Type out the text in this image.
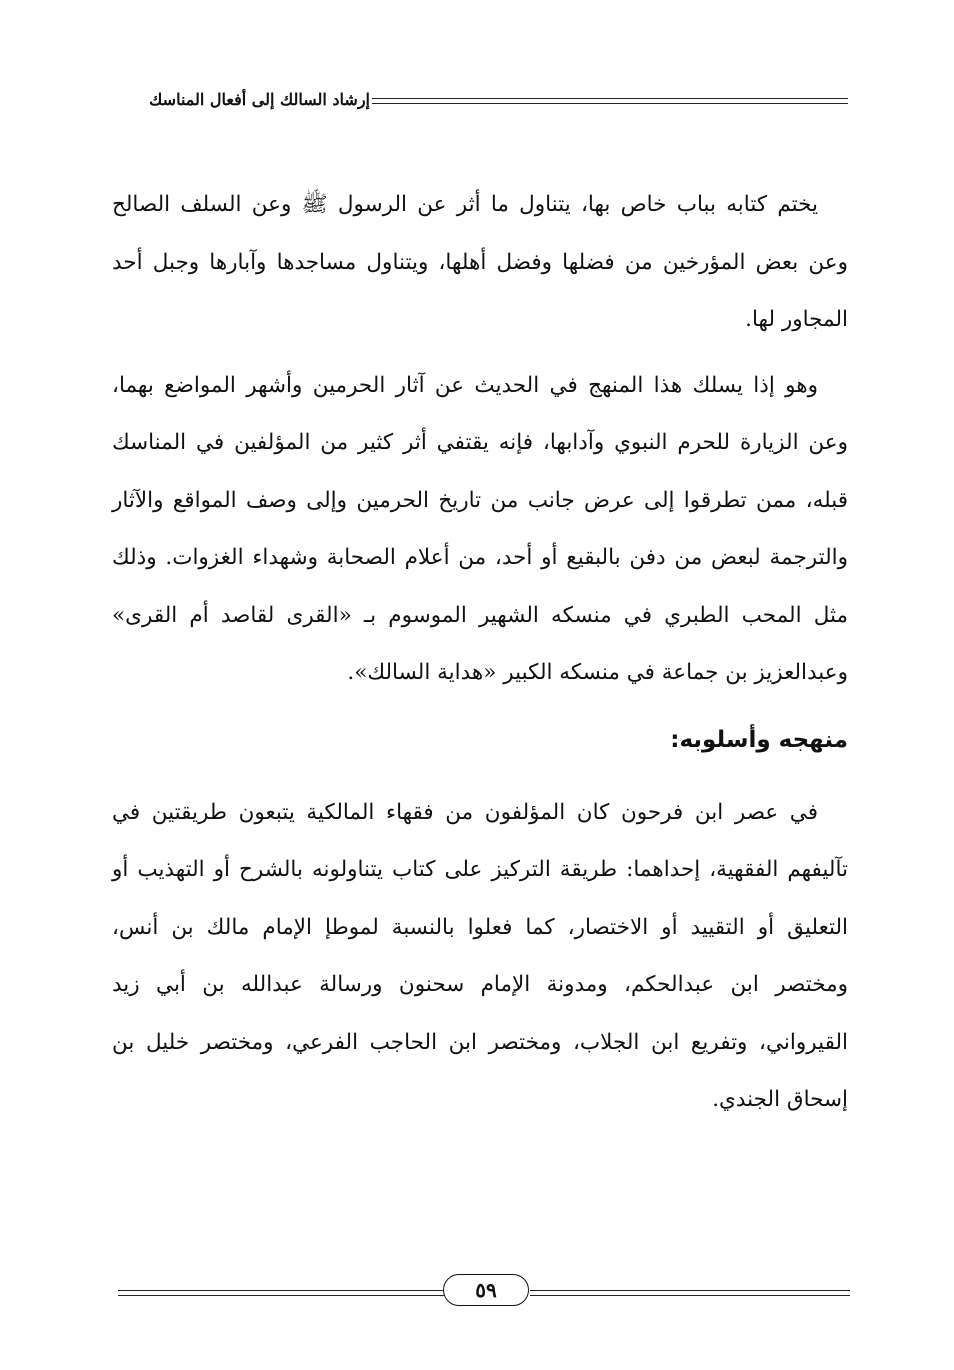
إرشاد السالك إلى أفعال المناسك

يختم كتابه بباب خاص بها، يتناول ما أثر عن الرسول ﷺ وعن السلف الصالح وعن بعض المؤرخين من فضلها وفضل أهلها، ويتناول مساجدها وآبارها وجبل أحد المجاور لها.

وهو إذا يسلك هذا المنهج في الحديث عن آثار الحرمين وأشهر المواضع بهما، وعن الزيارة للحرم النبوي وآدابها، فإنه يقتفي أثر كثير من المؤلفين في المناسك قبله، ممن تطرقوا إلى عرض جانب من تاريخ الحرمين وإلى وصف المواقع والآثار والترجمة لبعض من دفن بالبقيع أو أحد، من أعلام الصحابة وشهداء الغزوات. وذلك مثل المحب الطبري في منسكه الشهير الموسوم بـ «القرى لقاصد أم القرى» وعبدالعزيز بن جماعة في منسكه الكبير «هداية السالك».

منهجه وأسلوبه:

في عصر ابن فرحون كان المؤلفون من فقهاء المالكية يتبعون طريقتين في تآليفهم الفقهية، إحداهما: طريقة التركيز على كتاب يتناولونه بالشرح أو التهذيب أو التعليق أو التقييد أو الاختصار، كما فعلوا بالنسبة لموطإ الإمام مالك بن أنس، ومختصر ابن عبدالحكم، ومدونة الإمام سحنون ورسالة عبدالله بن أبي زيد القيرواني، وتفريع ابن الجلاب، ومختصر ابن الحاجب الفرعي، ومختصر خليل بن إسحاق الجندي.

٥٩
